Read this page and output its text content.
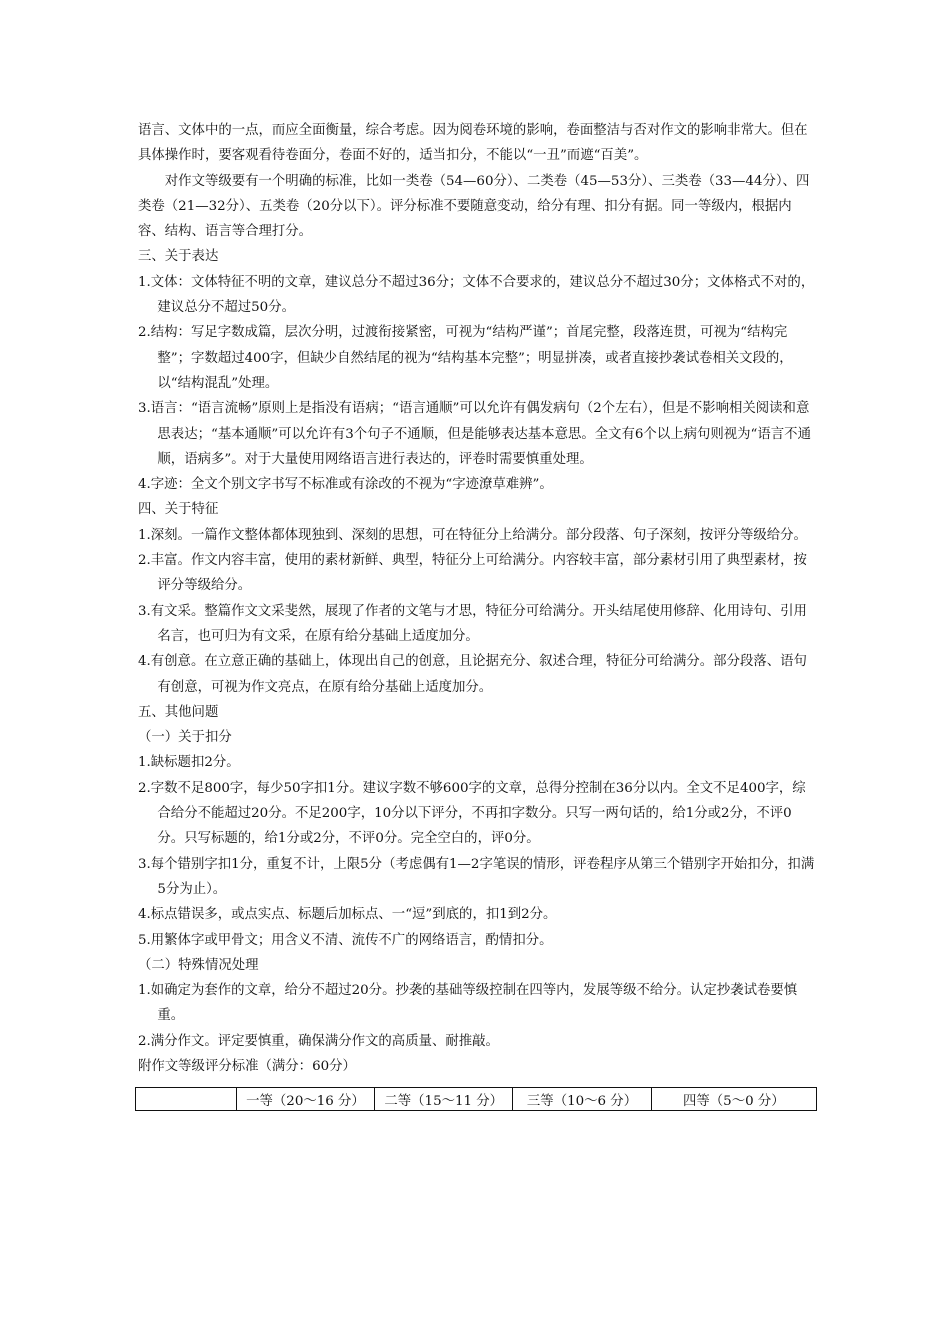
语言、文体中的一点，而应全面衡量，综合考虑。因为阅卷环境的影响，卷面整洁与否对作文的影响非常大。但在具体操作时，要客观看待卷面分，卷面不好的，适当扣分，不能以“一丑”而遮“百美”。

对作文等级要有一个明确的标准，比如一类卷（54—60分）、二类卷（45—53分）、三类卷（33—44分）、四类卷（21—32分）、五类卷（20分以下）。评分标准不要随意变动，给分有理、扣分有据。同一等级内，根据内容、结构、语言等合理打分。

三、关于表达

1.文体：文体特征不明的文章，建议总分不超过36分；文体不合要求的，建议总分不超过30分；文体格式不对的，建议总分不超过50分。

2.结构：写足字数成篇，层次分明，过渡衔接紧密，可视为“结构严谨”；首尾完整，段落连贯，可视为“结构完整”；字数超过400字，但缺少自然结尾的视为“结构基本完整”；明显拼凑，或者直接抄袭试卷相关文段的，以“结构混乱”处理。

3.语言：“语言流畅”原则上是指没有语病；“语言通顺”可以允许有偶发病句（2个左右），但是不影响相关阅读和意思表达；“基本通顺”可以允许有3个句子不通顺，但是能够表达基本意思。全文有6个以上病句则视为“语言不通顺，语病多”。对于大量使用网络语言进行表达的，评卷时需要慎重处理。

4.字迹：全文个别文字书写不标准或有涂改的不视为“字迹潦草难辨”。

四、关于特征

1.深刻。一篇作文整体都体现独到、深刻的思想，可在特征分上给满分。部分段落、句子深刻，按评分等级给分。

2.丰富。作文内容丰富，使用的素材新鲜、典型，特征分上可给满分。内容较丰富，部分素材引用了典型素材，按评分等级给分。

3.有文采。整篇作文文采斐然，展现了作者的文笔与才思，特征分可给满分。开头结尾使用修辞、化用诗句、引用名言，也可归为有文采，在原有给分基础上适度加分。

4.有创意。在立意正确的基础上，体现出自己的创意，且论据充分、叙述合理，特征分可给满分。部分段落、语句有创意，可视为作文亮点，在原有给分基础上适度加分。

五、其他问题

（一）关于扣分

1.缺标题扣2分。

2.字数不足800字，每少50字扣1分。建议字数不够600字的文章，总得分控制在36分以内。全文不足400字，综合给分不能超过20分。不足200字，10分以下评分，不再扣字数分。只写一两句话的，给1分或2分，不评0分。只写标题的，给1分或2分，不评0分。完全空白的，评0分。

3.每个错别字扣1分，重复不计，上限5分（考虑偶有1—2字笔误的情形，评卷程序从第三个错别字开始扣分，扣满5分为止）。

4.标点错误多，或点实点、标题后加标点、一“逗”到底的，扣1到2分。

5.用繁体字或甲骨文；用含义不清、流传不广的网络语言，酌情扣分。

（二）特殊情况处理

1.如确定为套作的文章，给分不超过20分。抄袭的基础等级控制在四等内，发展等级不给分。认定抄袭试卷要慎重。

2.满分作文。评定要慎重，确保满分作文的高质量、耐推敲。

附作文等级评分标准（满分：60分）

	一等（20～16 分）	二等（15～11 分）	三等（10～6 分）	四等（5～0 分）
